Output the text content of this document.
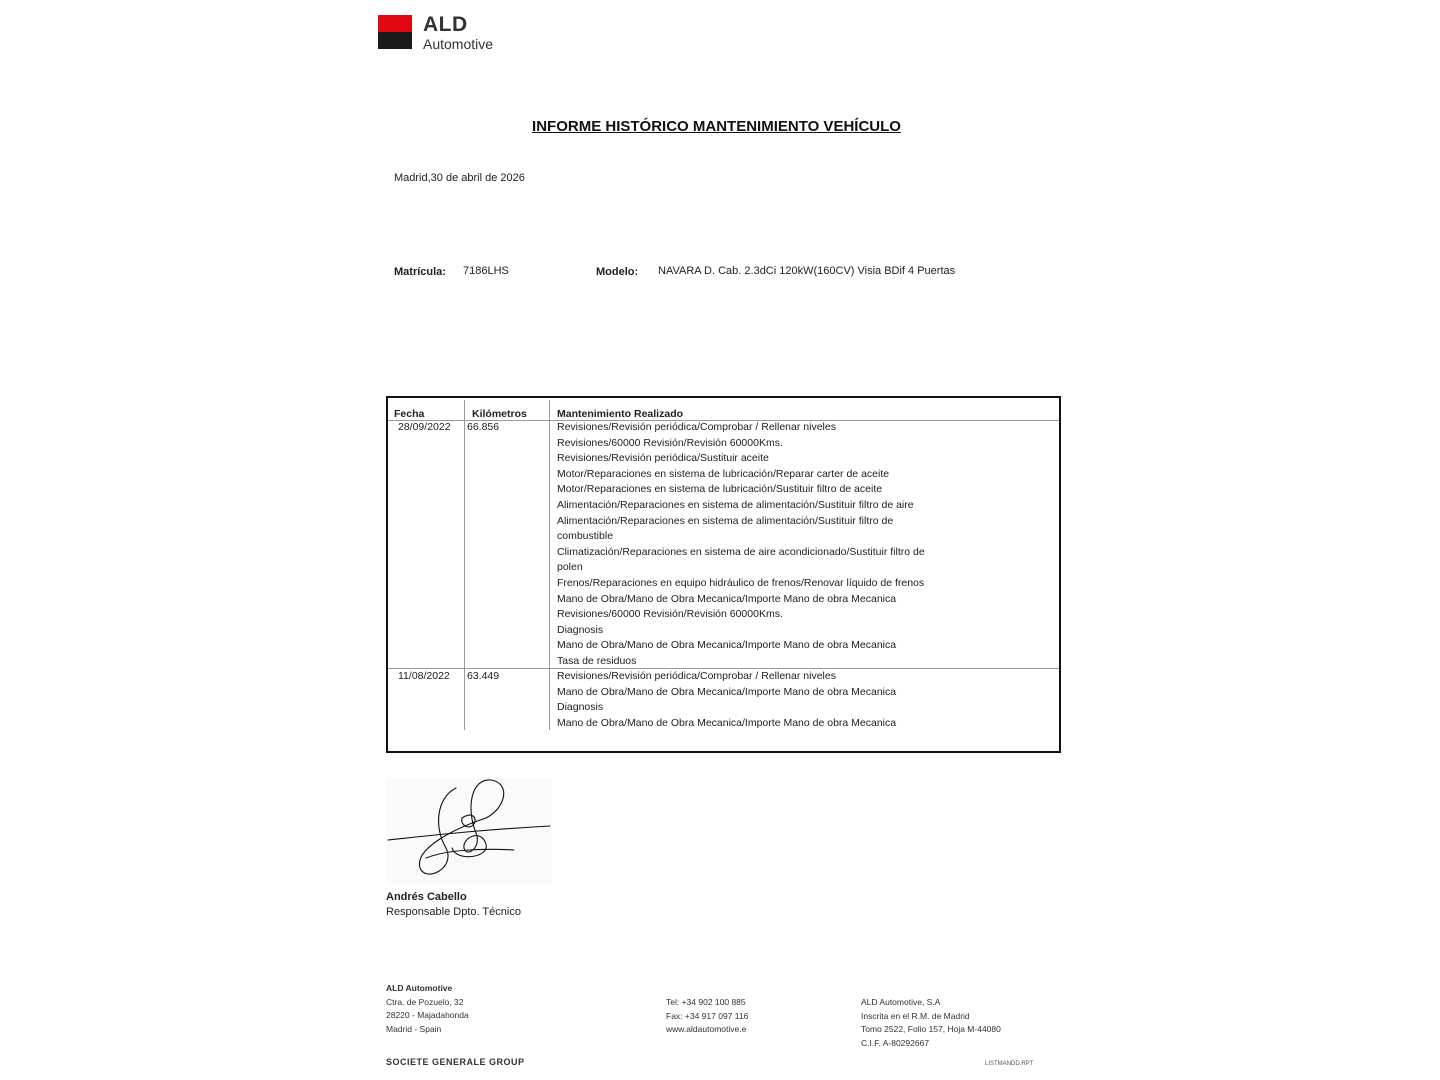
ALD
Automotive
INFORME HISTÓRICO MANTENIMIENTO VEHÍCULO
Madrid,30 de abril de 2026
Matrícula: 7186LHS	Modelo: NAVARA D. Cab. 2.3dCi 120kW(160CV) Visia BDif 4 Puertas
Fecha	Kilómetros	Mantenimiento Realizado
28/09/2022 66.856	Revisiones/Revisión periódica/Comprobar / Rellenar niveles
Revisiones/60000 Revisión/Revisión 60000Kms.
Revisiones/Revisión periódica/Sustituir aceite
Motor/Reparaciones en sistema de lubricación/Reparar carter de aceite
Motor/Reparaciones en sistema de lubricación/Sustituir filtro de aceite
Alimentación/Reparaciones en sistema de alimentación/Sustituir filtro de aire
Alimentación/Reparaciones en sistema de alimentación/Sustituir filtro de
combustible
Climatización/Reparaciones en sistema de aire acondicionado/Sustituir filtro de
polen
Frenos/Reparaciones en equipo hidráulico de frenos/Renovar líquido de frenos
Mano de Obra/Mano de Obra Mecanica/Importe Mano de obra Mecanica
Revisiones/60000 Revisión/Revisión 60000Kms.
Diagnosis
Mano de Obra/Mano de Obra Mecanica/Importe Mano de obra Mecanica
Tasa de residuos
11/08/2022 63.449	Revisiones/Revisión periódica/Comprobar / Rellenar niveles
Mano de Obra/Mano de Obra Mecanica/Importe Mano de obra Mecanica
Diagnosis
Mano de Obra/Mano de Obra Mecanica/Importe Mano de obra Mecanica
Andrés Cabello
Responsable Dpto. Técnico
ALD Automotive
Ctra. de Pozuelo, 32
28220 - Majadahonda
Madrid - Spain
Tel: +34 902 100 885
Fax: +34 917 097 116
www.aldautomotive.e
ALD Automotive, S.A
Inscrita en el R.M. de Madrid
Tomo 2522, Folio 157, Hoja M-44080
C.I.F. A-80292667
SOCIETE GENERALE GROUP	LISTMANDD.RPT
